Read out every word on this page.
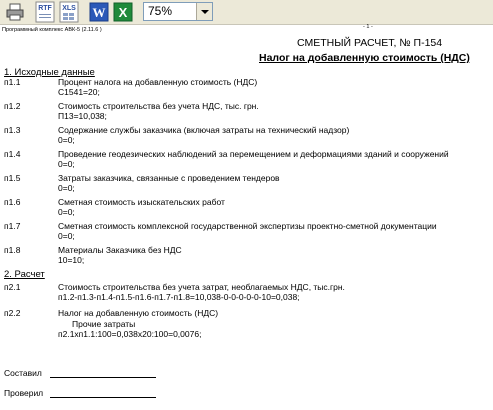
RTF XLS W X	75%
Программный комплекс АВК-5 (2.11.6 )	- 1 -
СМЕТНЫЙ РАСЧЕТ, № П-154
Налог на добавленную стоимость (НДС)
1. Исходные данные
п1.1	Процент налога на добавленную стоимость (НДС)
С1541=20;
п1.2	Стоимость строительства без учета НДС, тыс. грн.
П13=10,038;
п1.3	Содержание службы заказчика (включая затраты на технический надзор)
0=0;
п1.4	Проведение геодезических наблюдений за перемещением и деформациями зданий и сооружений
0=0;
п1.5	Затраты заказчика, связанные с проведением тендеров
0=0;
п1.6	Сметная стоимость изыскательских работ
0=0;
п1.7	Сметная стоимость комплексной государственной экспертизы проектно-сметной документации
0=0;
п1.8	Материалы Заказчика без НДС
10=10;
2. Расчет
п2.1	Стоимость строительства без учета затрат, необлагаемых НДС, тыс.грн.
п1.2-п1.3-п1.4-п1.5-п1.6-п1.7-п1.8=10,038-0-0-0-0-0-10=0,038;
п2.2	Налог на добавленную стоимость (НДС)
Прочие затраты
п2.1хп1.1:100=0,038х20:100=0,0076;
Составил
Проверил
